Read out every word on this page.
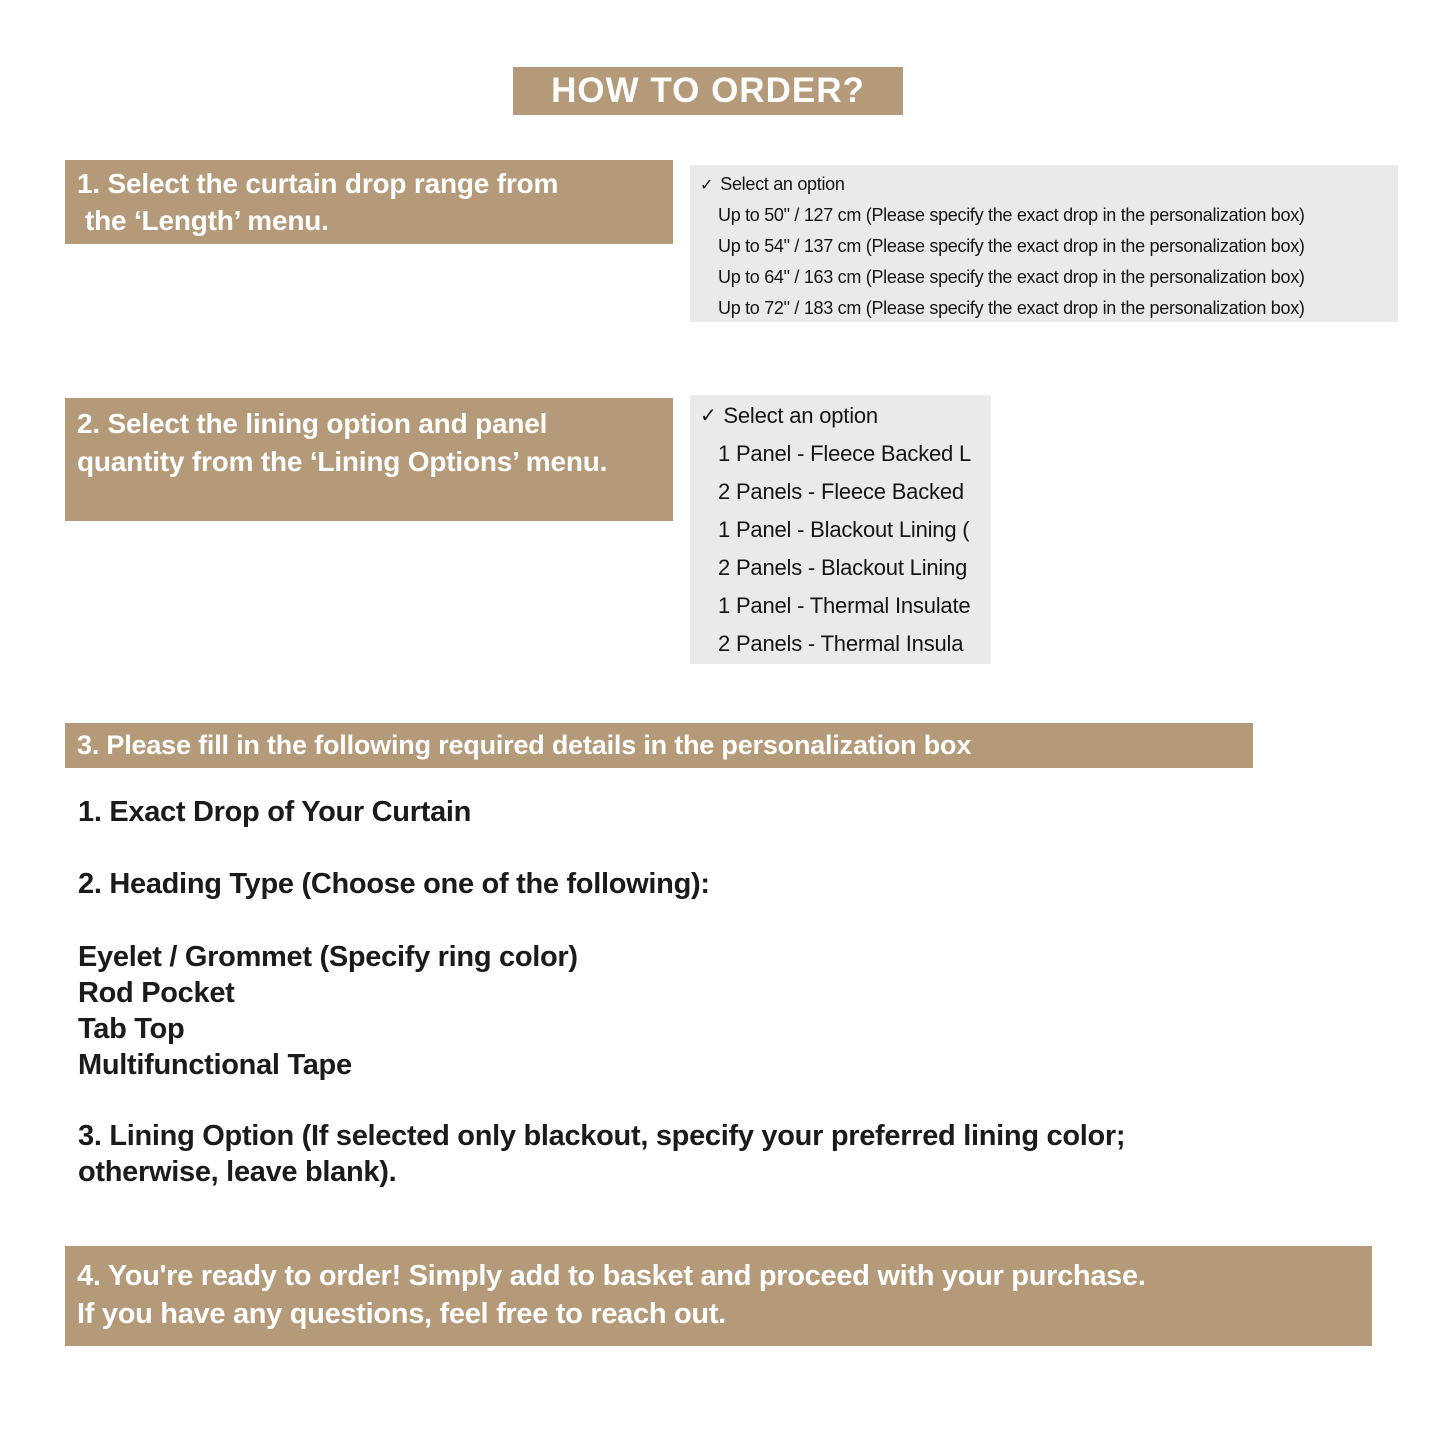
HOW TO ORDER?
1. Select the curtain drop range from
the ‘Length’ menu.
✓ Select an option
Up to 50" / 127 cm (Please specify the exact drop in the personalization box)
Up to 54" / 137 cm (Please specify the exact drop in the personalization box)
Up to 64" / 163 cm (Please specify the exact drop in the personalization box)
Up to 72" / 183 cm (Please specify the exact drop in the personalization box)
2. Select the lining option and panel quantity from the ‘Lining Options’ menu.
✓ Select an option
1 Panel - Fleece Backed L
2 Panels - Fleece Backed
1 Panel - Blackout Lining (
2 Panels - Blackout Lining
1 Panel - Thermal Insulate
2 Panels - Thermal Insula
3. Please fill in the following required details in the personalization box
1. Exact Drop of Your Curtain
2. Heading Type (Choose one of the following):
Eyelet / Grommet (Specify ring color)
Rod Pocket
Tab Top
Multifunctional Tape
3. Lining Option (If selected only blackout, specify your preferred lining color;
otherwise, leave blank).
4. You're ready to order! Simply add to basket and proceed with your purchase.
If you have any questions, feel free to reach out.
